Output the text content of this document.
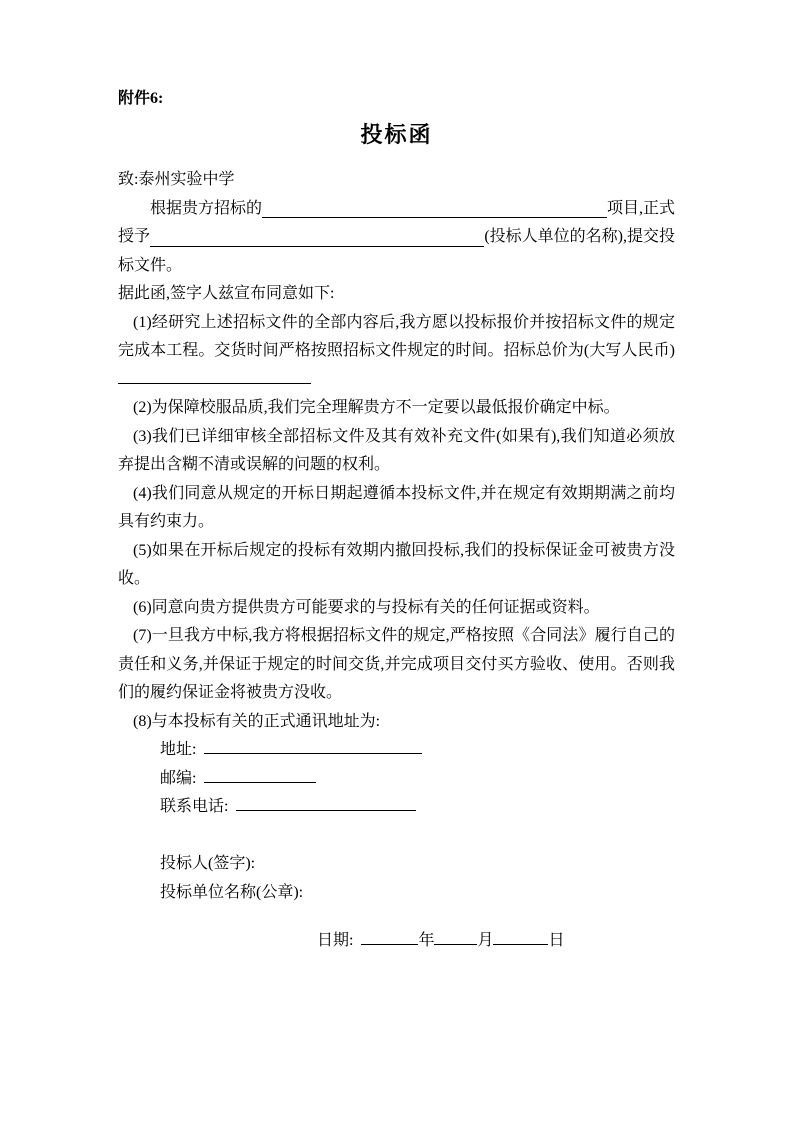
附件6:

投标函

致:泰州实验中学

根据贵方招标的	项目,正式
授予	(投标人单位的名称),提交投

标文件。

据此函,签字人兹宣布同意如下:

(1)经研究上述招标文件的全部内容后,我方愿以投标报价并按招标文件的规定完成本工程。交货时间严格按照招标文件规定的时间。招标总价为(大写人民币)

(2)为保障校服品质,我们完全理解贵方不一定要以最低报价确定中标。

(3)我们已详细审核全部招标文件及其有效补充文件(如果有),我们知道必须放弃提出含糊不清或误解的问题的权利。

(4)我们同意从规定的开标日期起遵循本投标文件,并在规定有效期期满之前均具有约束力。

(5)如果在开标后规定的投标有效期内撤回投标,我们的投标保证金可被贵方没收。

(6)同意向贵方提供贵方可能要求的与投标有关的任何证据或资料。

(7)一旦我方中标,我方将根据招标文件的规定,严格按照《合同法》履行自己的责任和义务,并保证于规定的时间交货,并完成项目交付买方验收、使用。否则我们的履约保证金将被贵方没收。

(8)与本投标有关的正式通讯地址为:

地址:
邮编:
联系电话:

投标人(签字):

投标单位名称(公章):

日期:	年	月	日
